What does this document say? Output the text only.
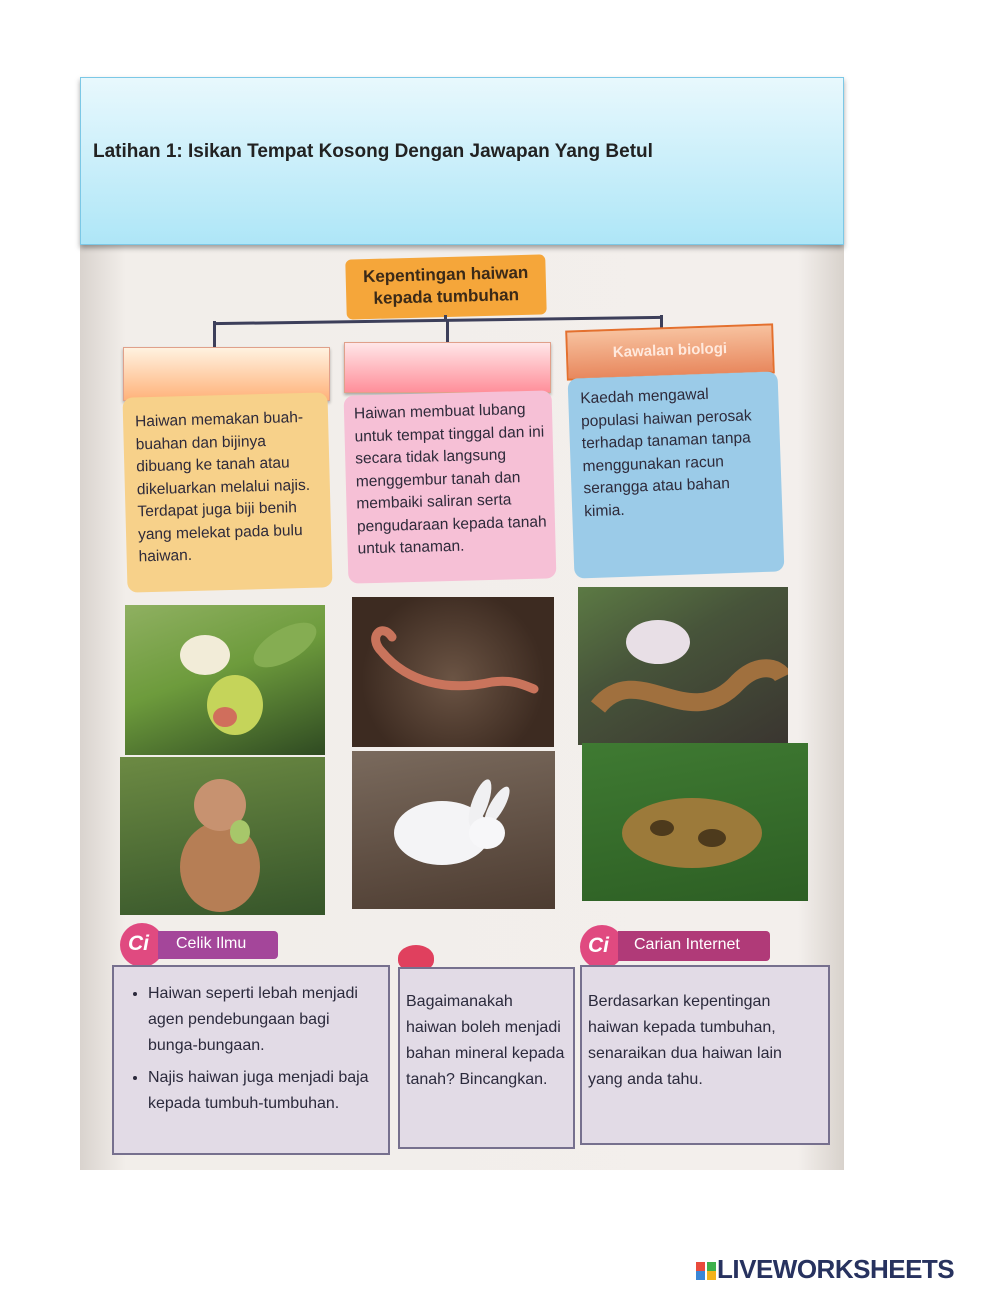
Latihan 1: Isikan Tempat Kosong Dengan Jawapan Yang Betul
Kepentingan haiwan
kepada tumbuhan
Kawalan biologi
Haiwan memakan buah-buahan dan bijinya dibuang ke tanah atau dikeluarkan melalui najis. Terdapat juga biji benih yang melekat pada bulu haiwan.
Haiwan membuat lubang untuk tempat tinggal dan ini secara tidak langsung menggembur tanah dan membaiki saliran serta pengudaraan kepada tanah untuk tanaman.
Kaedah mengawal populasi haiwan perosak terhadap tanaman tanpa menggunakan racun serangga atau bahan kimia.
Ci Celik Ilmu
• Haiwan seperti lebah menjadi agen pendebungaan bagi bunga-bungaan.
• Najis haiwan juga menjadi baja kepada tumbuh-tumbuhan.
Bagaimanakah haiwan boleh menjadi bahan mineral kepada tanah? Bincangkan.
Ci Carian Internet
Berdasarkan kepentingan haiwan kepada tumbuhan, senaraikan dua haiwan lain yang anda tahu.

LIVEWORKSHEETS
